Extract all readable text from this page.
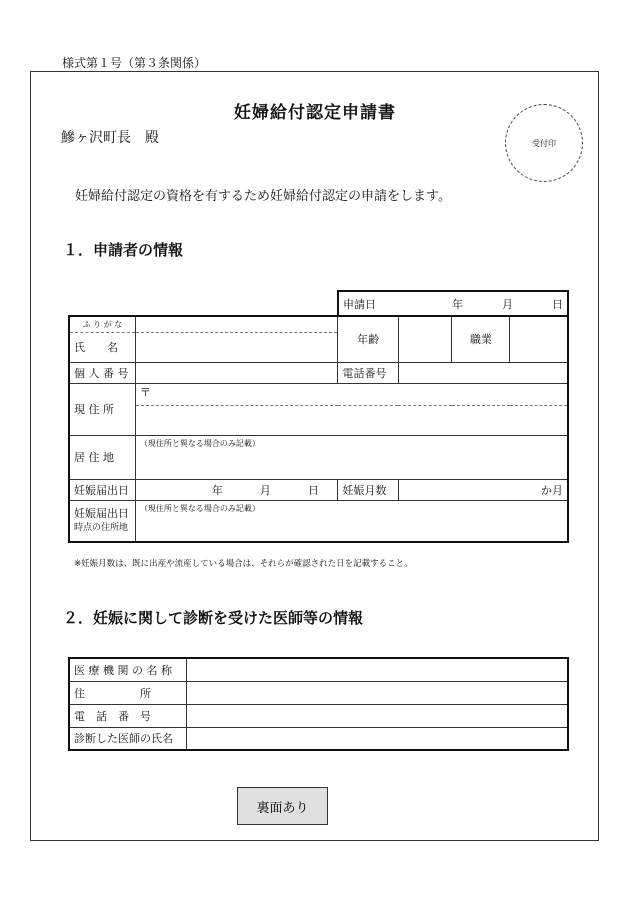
様式第１号（第３条関係）
妊婦給付認定申請書
鰺ヶ沢町長　殿	受付印
妊婦給付認定の資格を有するため妊婦給付認定の申請をします。
１．申請者の情報

		申請日 年 月 日			

ふ り が な		年齢		職業	
氏　　名					
個 人 番 号		電話番号			
現 住 所	〒				

居 住 地	（現住所と異なる場合のみ記載）				
妊娠届出日	年 月 日	妊娠月数	か月		

妊娠届出日
時点の住所地	（現住所と異なる場合のみ記載）				
※妊娠月数は、既に出産や流産している場合は、それらが確認された日を記載すること。
２．妊娠に関して診断を受けた医師等の情報
医 療 機 関 の 名 称	
住　　　　　所	
電　話　番　号	
診断した医師の氏名	
裏面あり
